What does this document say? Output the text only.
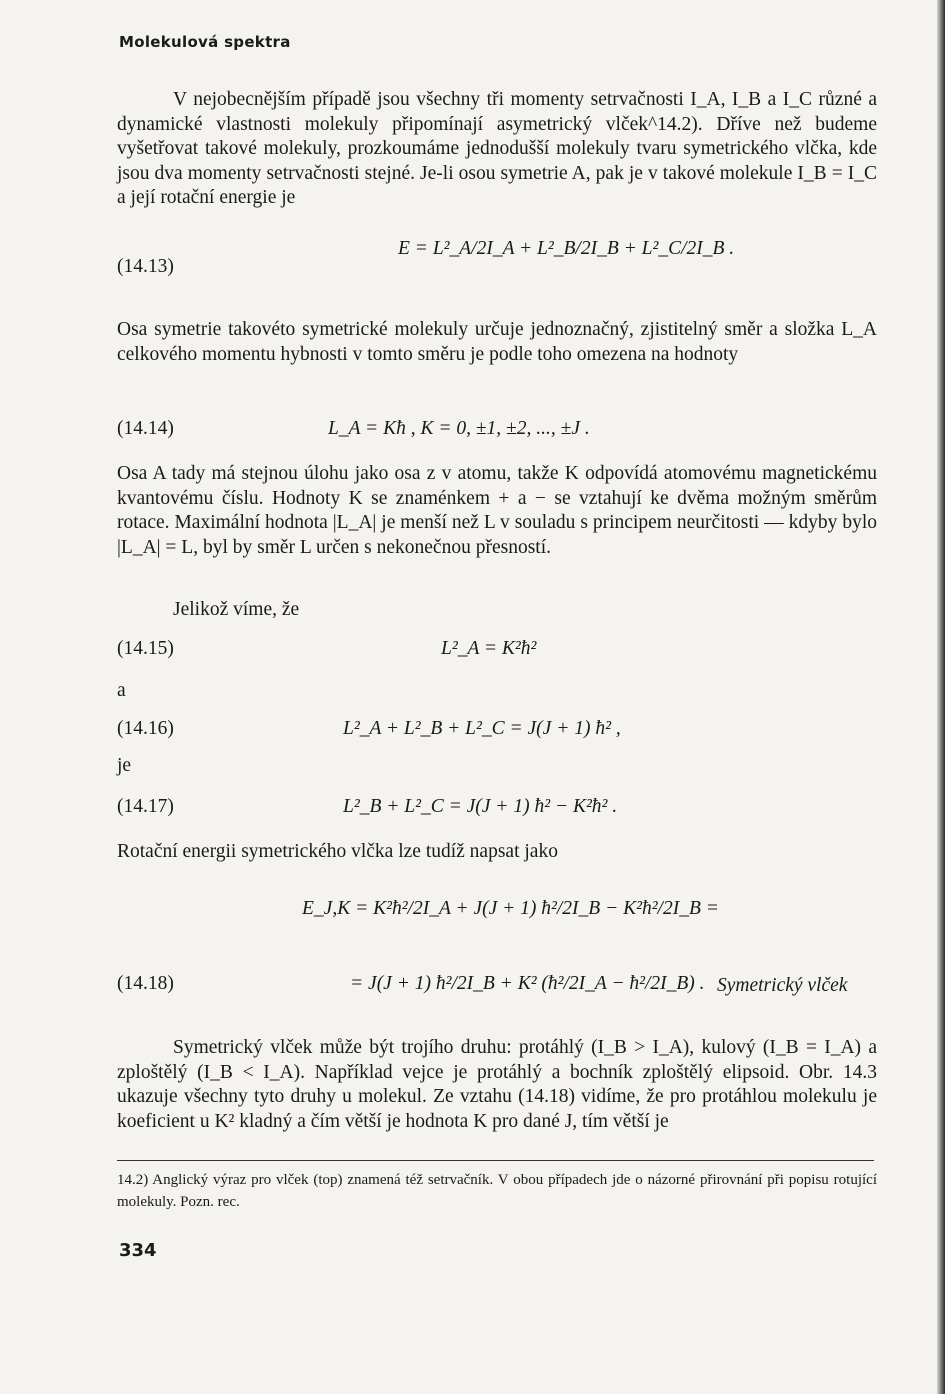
Molekulová spektra
V nejobecnějším případě jsou všechny tři momenty setrvačnosti I_A, I_B a I_C různé a dynamické vlastnosti molekuly připomínají asymetrický vlček^14.2). Dříve než budeme vyšetřovat takové molekuly, prozkoumáme jednodušší molekuly tvaru symetrického vlčka, kde jsou dva momenty setrvačnosti stejné. Je-li osou symetrie A, pak je v takové molekule I_B = I_C a její rotační energie je
(14.13)
E = L²_A/2I_A + L²_B/2I_B + L²_C/2I_B .
Osa symetrie takovéto symetrické molekuly určuje jednoznačný, zjistitelný směr a složka L_A celkového momentu hybnosti v tomto směru je podle toho omezena na hodnoty
(14.14)	L_A = Kħ , K = 0, ±1, ±2, ..., ±J .
Osa A tady má stejnou úlohu jako osa z v atomu, takže K odpovídá atomovému magnetickému kvantovému číslu. Hodnoty K se znaménkem + a − se vztahují ke dvěma možným směrům rotace. Maximální hodnota |L_A| je menší než L v souladu s principem neurčitosti — kdyby bylo |L_A| = L, byl by směr L určen s nekonečnou přesností.
Jelikož víme, že
(14.15)	L²_A = K²ħ²
a
(14.16)	L²_A + L²_B + L²_C = J(J + 1) ħ² ,
je
(14.17)	L²_B + L²_C = J(J + 1) ħ² − K²ħ² .
Rotační energii symetrického vlčka lze tudíž napsat jako
E_J,K = K²ħ²/2I_A + J(J + 1) ħ²/2I_B − K²ħ²/2I_B =
(14.18)	= J(J + 1) ħ²/2I_B + K² (ħ²/2I_A − ħ²/2I_B) . Symetrický vlček
Symetrický vlček může být trojího druhu: protáhlý (I_B > I_A), kulový (I_B = I_A) a zploštělý (I_B < I_A). Například vejce je protáhlý a bochník zploštělý elipsoid. Obr. 14.3 ukazuje všechny tyto druhy u molekul. Ze vztahu (14.18) vidíme, že pro protáhlou molekulu je koeficient u K² kladný a čím větší je hodnota K pro dané J, tím větší je
14.2) Anglický výraz pro vlček (top) znamená též setrvačník. V obou případech jde o názorné přirovnání při popisu rotující molekuly. Pozn. rec.
334
